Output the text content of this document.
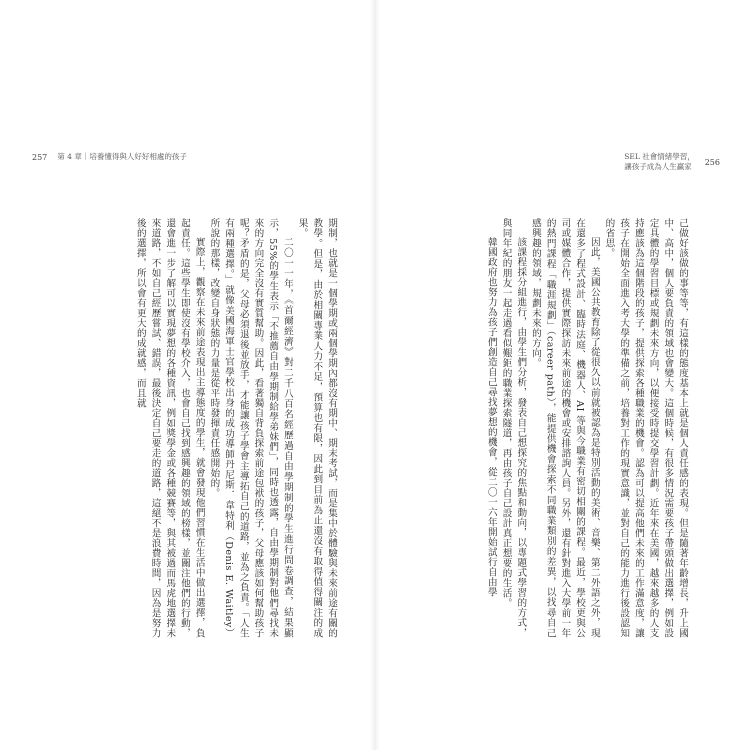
257 第 4 章｜培養懂得與人好好相處的孩子

期制，也就是一個學期或兩個學期內都沒有期中、期末考試，而是集中於體驗與未來前途有關的教學。但是，由於相關專業人力不足，預算也有限，因此到目前為止還沒有取得值得關注的成果。

二〇一一年，《首爾經濟》對二千八百名經歷過自由學期制的學生進行問卷調查，結果顯示，55%的學生表示「不推薦自由學期制給學弟妹們」，同時也透露，自由學期制對他們尋找未來的方向完全沒有實質幫助。因此，看著獨自背負探索前途包袱的孩子，父母應該如何幫助孩子呢？矛盾的是，父母必須退後並放手，才能讓孩子學會主導拓自己的道路，並為之負責。「人生有兩種選擇。」就像美國海軍士官學校出身的成功導師丹尼斯．韋特利（Denis E. Waitley）所說的那樣，改變自身狀態的力量是從平時發揮責任感開始的。

實際上，觀察在未來前途表現出主導態度的學生，就會發現他們習慣在生活中做出選擇，負起責任。這些學生即使沒有學校介入，也會自己找到感興趣的領域的榜樣，並關注他們的行動，還會進一步了解可以實現夢想的各種資訊，例如獎學金或各種競賽等，與其被過而馬虎地選擇未來道路，不如自己經歷嘗試、錯誤，最後決定自己要走的道路，這絕不是浪費時間，因為是努力後的選擇，所以會有更大的成就感，而且就

SEL 社會情緒學習，
讓孩子成為人生贏家	256

己做好該做的事等等，有這樣的態度基本上就是個人責任感的表現。但是隨著年齡增長，升上國中、高中，個人要負責的領域也會變大。這個時候，有很多情況需要孩子帶頭做出選擇，例如設定具體的學習目標或規劃未來方向，以便接受時提交學習計劃。近年來在美國，越來越多的人支持應該為這個階段的孩子，提供探索各種職業的機會。認為可以提高他們未來的工作滿意度，讓孩子在開始全面進入考大學的準備之前，培養對工作的現實意識，並對自己的能力進行後設認知的省思。

因此，美國公共教育除了從很久以前就被認為是特別活動的美術、音樂、第二外語之外，現在還多了程式設計、臨時法庭、機器人、AI 等與今職業有密切相關的課程。最近，學校更與公司或媒體合作，提供實際探訪未來前途的機會或安排諮詢人員。另外，還有針對進入大學前一年的熱門課程「職涯規劃」（career path），能提供機會探索不同職業類別的差異，以找尋自己感興趣的領域，規劃未來的方向。

該課程採分組進行，由學生們分析，發表自己想探究的焦點和動向，以專題式學習的方式，與同年紀的朋友一起走過看似艱鉅的職業探索隧道，再由孩子自己設計真正想要的生活。

韓國政府也努力為孩子們創造自己尋找夢想的機會，從二〇一六年開始試行自由學
